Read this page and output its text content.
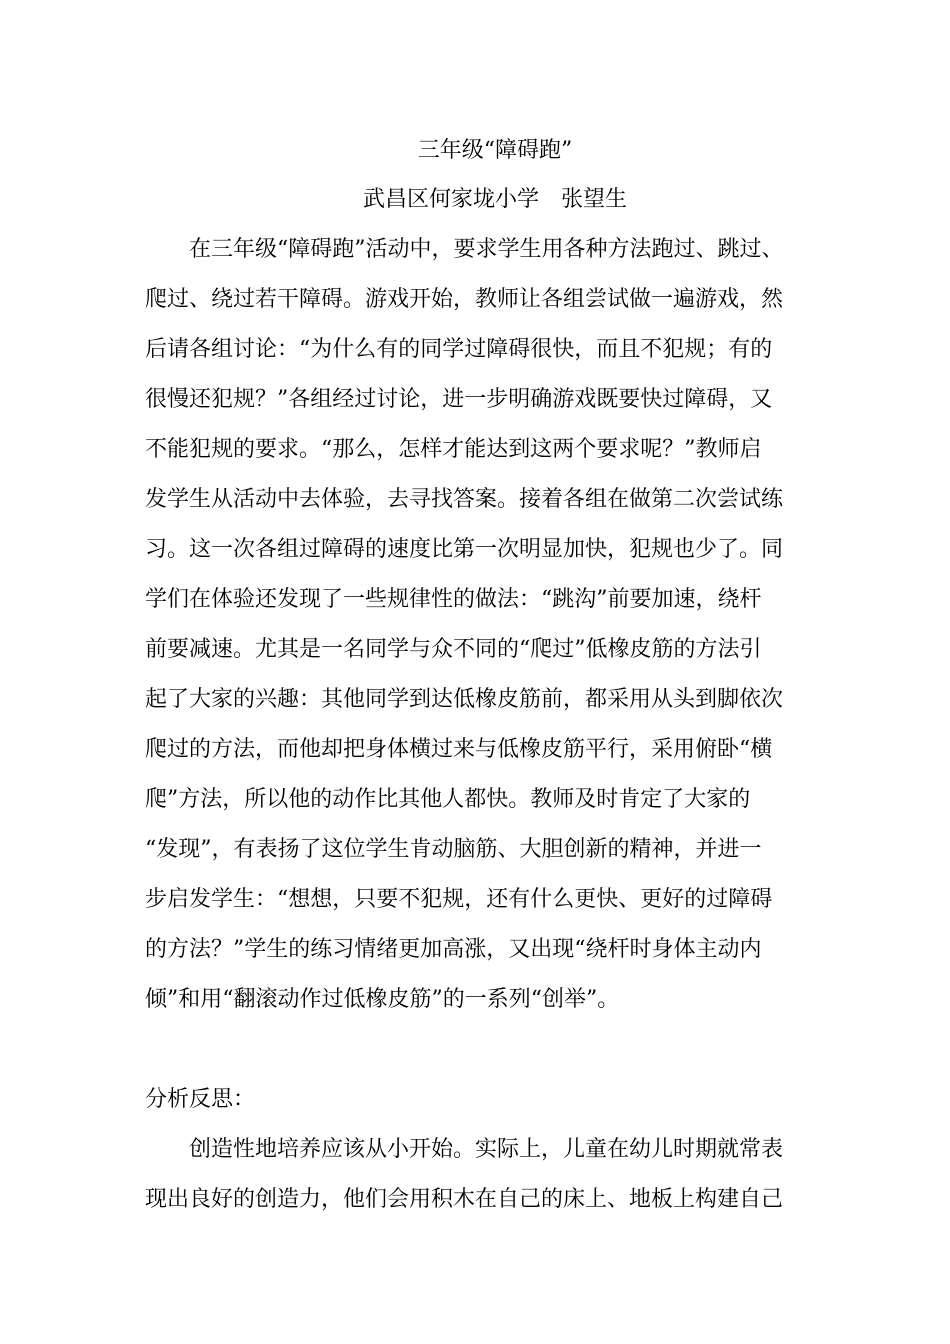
三年级“障碍跑”
武昌区何家垅小学　张望生
在三年级“障碍跑”活动中，要求学生用各种方法跑过、跳过、
爬过、绕过若干障碍。游戏开始，教师让各组尝试做一遍游戏，然
后请各组讨论：“为什么有的同学过障碍很快，而且不犯规；有的
很慢还犯规？”各组经过讨论，进一步明确游戏既要快过障碍，又
不能犯规的要求。“那么，怎样才能达到这两个要求呢？”教师启
发学生从活动中去体验，去寻找答案。接着各组在做第二次尝试练
习。这一次各组过障碍的速度比第一次明显加快，犯规也少了。同
学们在体验还发现了一些规律性的做法：“跳沟”前要加速，绕杆
前要减速。尤其是一名同学与众不同的“爬过”低橡皮筋的方法引
起了大家的兴趣：其他同学到达低橡皮筋前，都采用从头到脚依次
爬过的方法，而他却把身体横过来与低橡皮筋平行，采用俯卧“横
爬”方法，所以他的动作比其他人都快。教师及时肯定了大家的
“发现”，有表扬了这位学生肯动脑筋、大胆创新的精神，并进一
步启发学生：“想想，只要不犯规，还有什么更快、更好的过障碍
的方法？”学生的练习情绪更加高涨，又出现“绕杆时身体主动内
倾”和用“翻滚动作过低橡皮筋”的一系列“创举”。
分析反思：
创造性地培养应该从小开始。实际上，儿童在幼儿时期就常表
现出良好的创造力，他们会用积木在自己的床上、地板上构建自己
